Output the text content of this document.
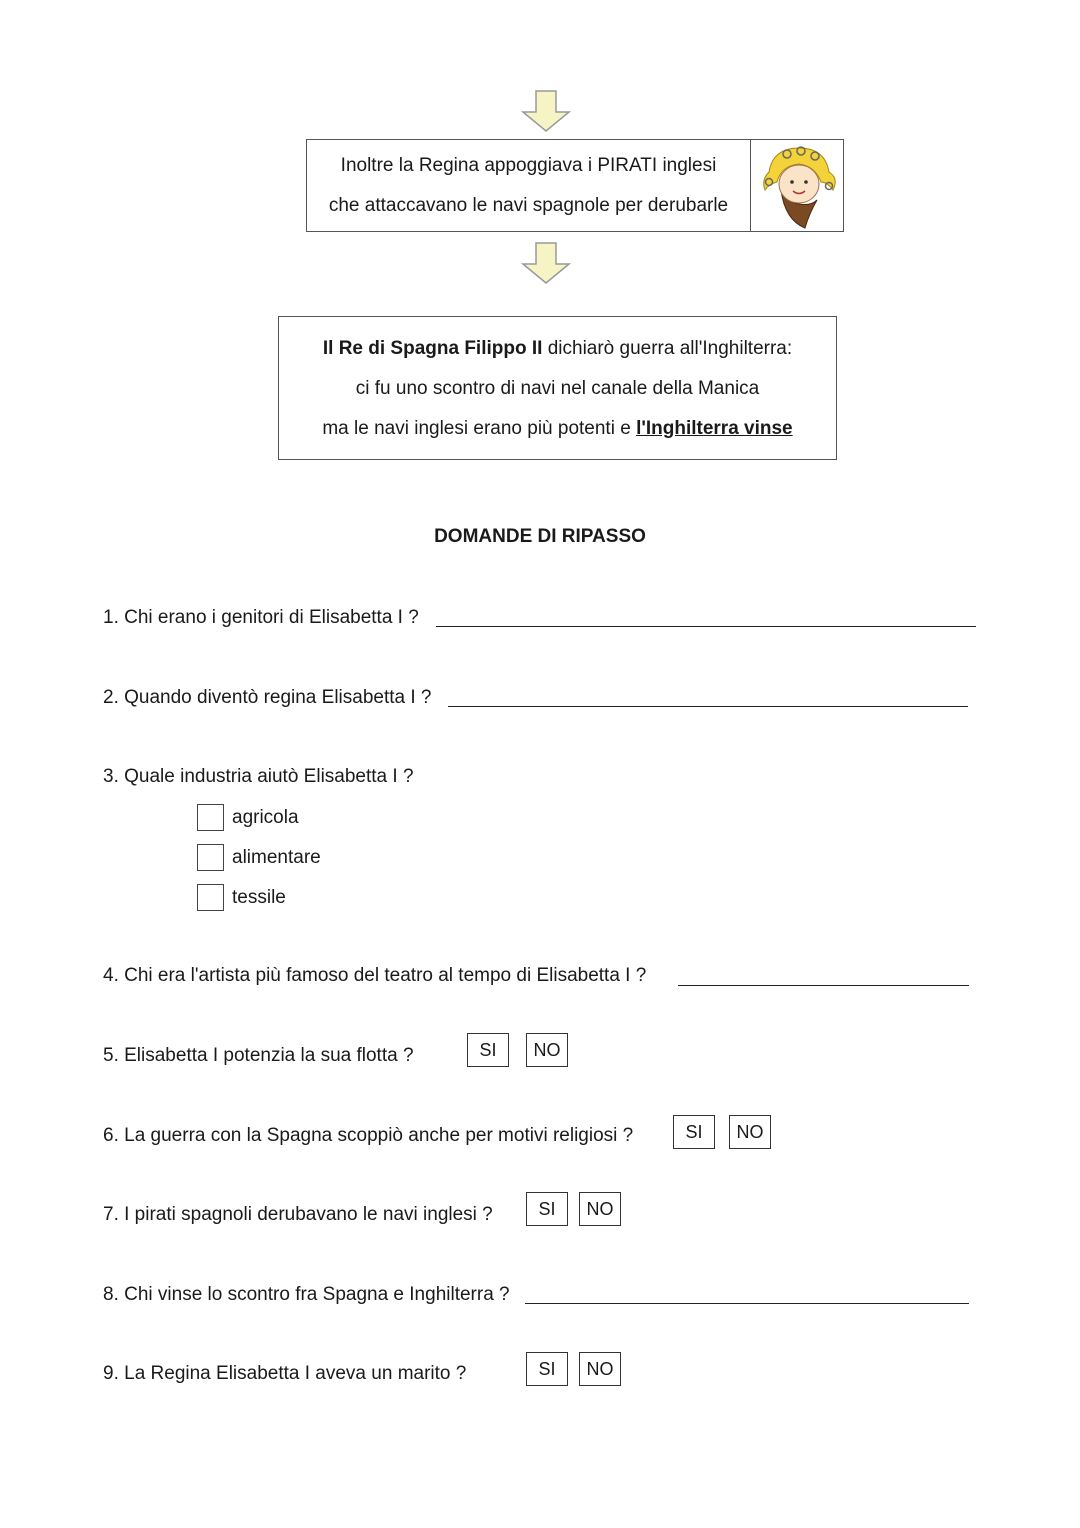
Inoltre la Regina appoggiava i PIRATI inglesi
che attaccavano le navi spagnole per derubarle
Il Re di Spagna Filippo II dichiarò guerra all'Inghilterra:
ci fu uno scontro di navi nel canale della Manica
ma le navi inglesi erano più potenti e l'Inghilterra vinse
DOMANDE DI RIPASSO
1. Chi erano i genitori di Elisabetta I ?
2. Quando diventò regina Elisabetta I ?
3. Quale industria aiutò Elisabetta I ?
agricola
alimentare
tessile
4. Chi era l'artista più famoso del teatro al tempo di Elisabetta I ?
5. Elisabetta I potenzia la sua flotta ?	SI	NO
6. La guerra con la Spagna scoppiò anche per motivi religiosi ?	SI	NO
7. I pirati spagnoli derubavano le navi inglesi ?	SI	NO
8. Chi vinse lo scontro fra Spagna e Inghilterra ?
9. La Regina Elisabetta I aveva un marito ?	SI	NO
